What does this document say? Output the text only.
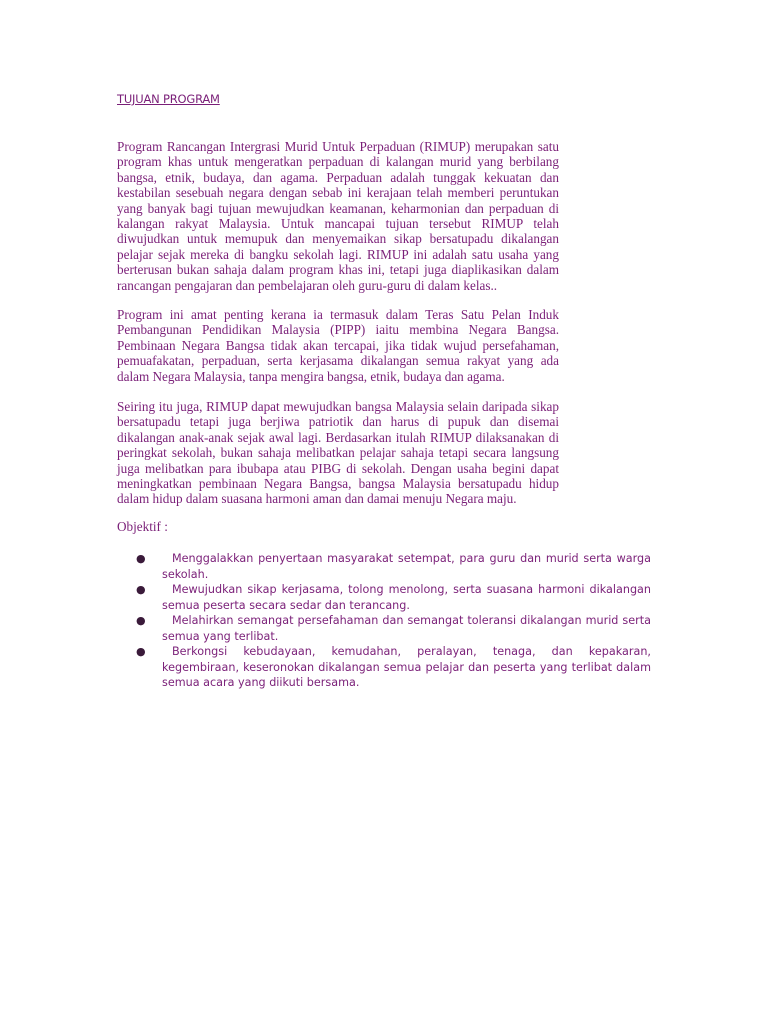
TUJUAN PROGRAM

Program Rancangan Intergrasi Murid Untuk Perpaduan (RIMUP) merupakan satu program khas untuk mengeratkan perpaduan di kalangan murid yang berbilang bangsa, etnik, budaya, dan agama. Perpaduan adalah tunggak kekuatan dan kestabilan sesebuah negara dengan sebab ini kerajaan telah memberi peruntukan yang banyak bagi tujuan mewujudkan keamanan, keharmonian dan perpaduan di kalangan rakyat Malaysia. Untuk mancapai tujuan tersebut RIMUP telah diwujudkan untuk memupuk dan menyemaikan sikap bersatupadu dikalangan pelajar sejak mereka di bangku sekolah lagi. RIMUP ini adalah satu usaha yang berterusan bukan sahaja dalam program khas ini, tetapi juga diaplikasikan dalam rancangan pengajaran dan pembelajaran oleh guru-guru di dalam kelas..

Program ini amat penting kerana ia termasuk dalam Teras Satu Pelan Induk Pembangunan Pendidikan Malaysia (PIPP) iaitu membina Negara Bangsa. Pembinaan Negara Bangsa tidak akan tercapai, jika tidak wujud persefahaman, pemuafakatan, perpaduan, serta kerjasama dikalangan semua rakyat yang ada dalam Negara Malaysia, tanpa mengira bangsa, etnik, budaya dan agama.

Seiring itu juga, RIMUP dapat mewujudkan bangsa Malaysia selain daripada sikap bersatupadu tetapi juga berjiwa patriotik dan harus di pupuk dan disemai dikalangan anak-anak sejak awal lagi. Berdasarkan itulah RIMUP dilaksanakan di peringkat sekolah, bukan sahaja melibatkan pelajar sahaja tetapi secara langsung juga melibatkan para ibubapa atau PIBG di sekolah. Dengan usaha begini dapat meningkatkan pembinaan Negara Bangsa, bangsa Malaysia bersatupadu hidup dalam hidup dalam suasana harmoni aman dan damai menuju Negara maju.

Objektif :

●	Menggalakkan penyertaan masyarakat setempat, para guru dan murid serta warga sekolah.
●	Mewujudkan sikap kerjasama, tolong menolong, serta suasana harmoni dikalangan semua peserta secara sedar dan terancang.
●	Melahirkan semangat persefahaman dan semangat toleransi dikalangan murid serta semua yang terlibat.
●	Berkongsi kebudayaan, kemudahan, peralayan, tenaga, dan kepakaran, kegembiraan, keseronokan dikalangan semua pelajar dan peserta yang terlibat dalam semua acara yang diikuti bersama.
